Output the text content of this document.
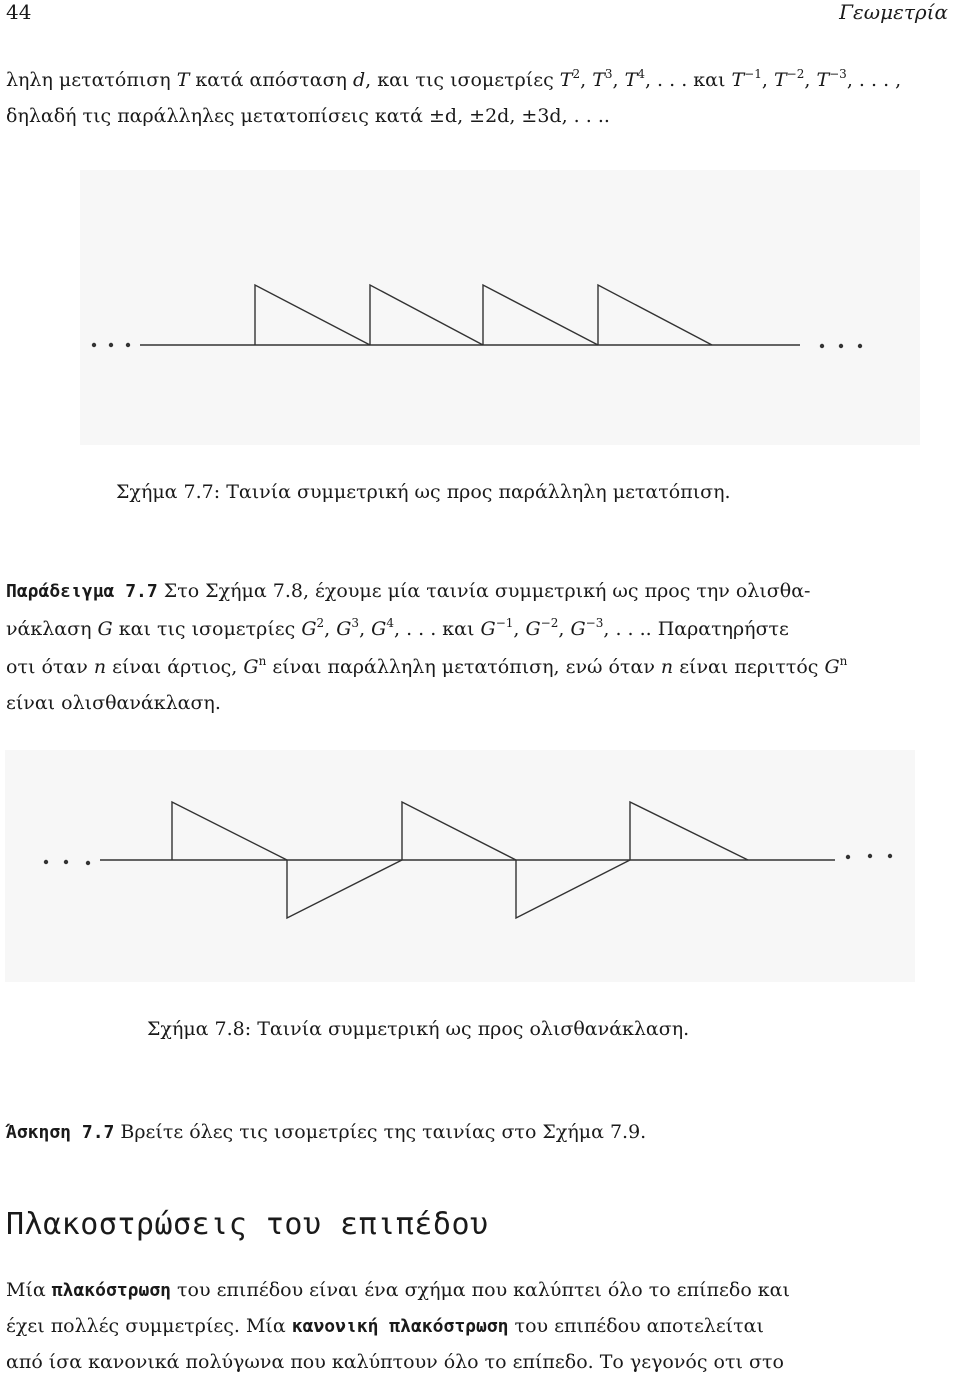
44	Γεωμετρία
ληλη μετατόπιση T κατά απόσταση d, και τις ισομετρίες $T^2$, $T^3$, $T^4$, . . . και $T^{-1}$, $T^{-2}$, $T^{-3}$, . . . ,
δηλαδή τις παράλληλες μετατοπίσεις κατά ±d, ±2d, ±3d, . . ..
Σχήμα 7.7: Ταινία συμμετρική ως προς παράλληλη μετατόπιση.
Παράδειγμα 7.7 Στο Σχήμα 7.8, έχουμε μία ταινία συμμετρική ως προς την ολισθα-
νάκλαση G και τις ισομετρίες $G^2$, $G^3$, $G^4$, . . . και $G^{-1}$, $G^{-2}$, $G^{-3}$, . . .. Παρατηρήστε
οτι όταν n είναι άρτιος, $G^n$ είναι παράλληλη μετατόπιση, ενώ όταν n είναι περιττός $G^n$
είναι ολισθανάκλαση.
Σχήμα 7.8: Ταινία συμμετρική ως προς ολισθανάκλαση.
Άσκηση 7.7 Βρείτε όλες τις ισομετρίες της ταινίας στο Σχήμα 7.9.
Πλακοστρώσεις του επιπέδου
Μία πλακόστρωση του επιπέδου είναι ένα σχήμα που καλύπτει όλο το επίπεδο και
έχει πολλές συμμετρίες. Μία κανονική πλακόστρωση του επιπέδου αποτελείται
από ίσα κανονικά πολύγωνα που καλύπτουν όλο το επίπεδο. Το γεγονός οτι στο
